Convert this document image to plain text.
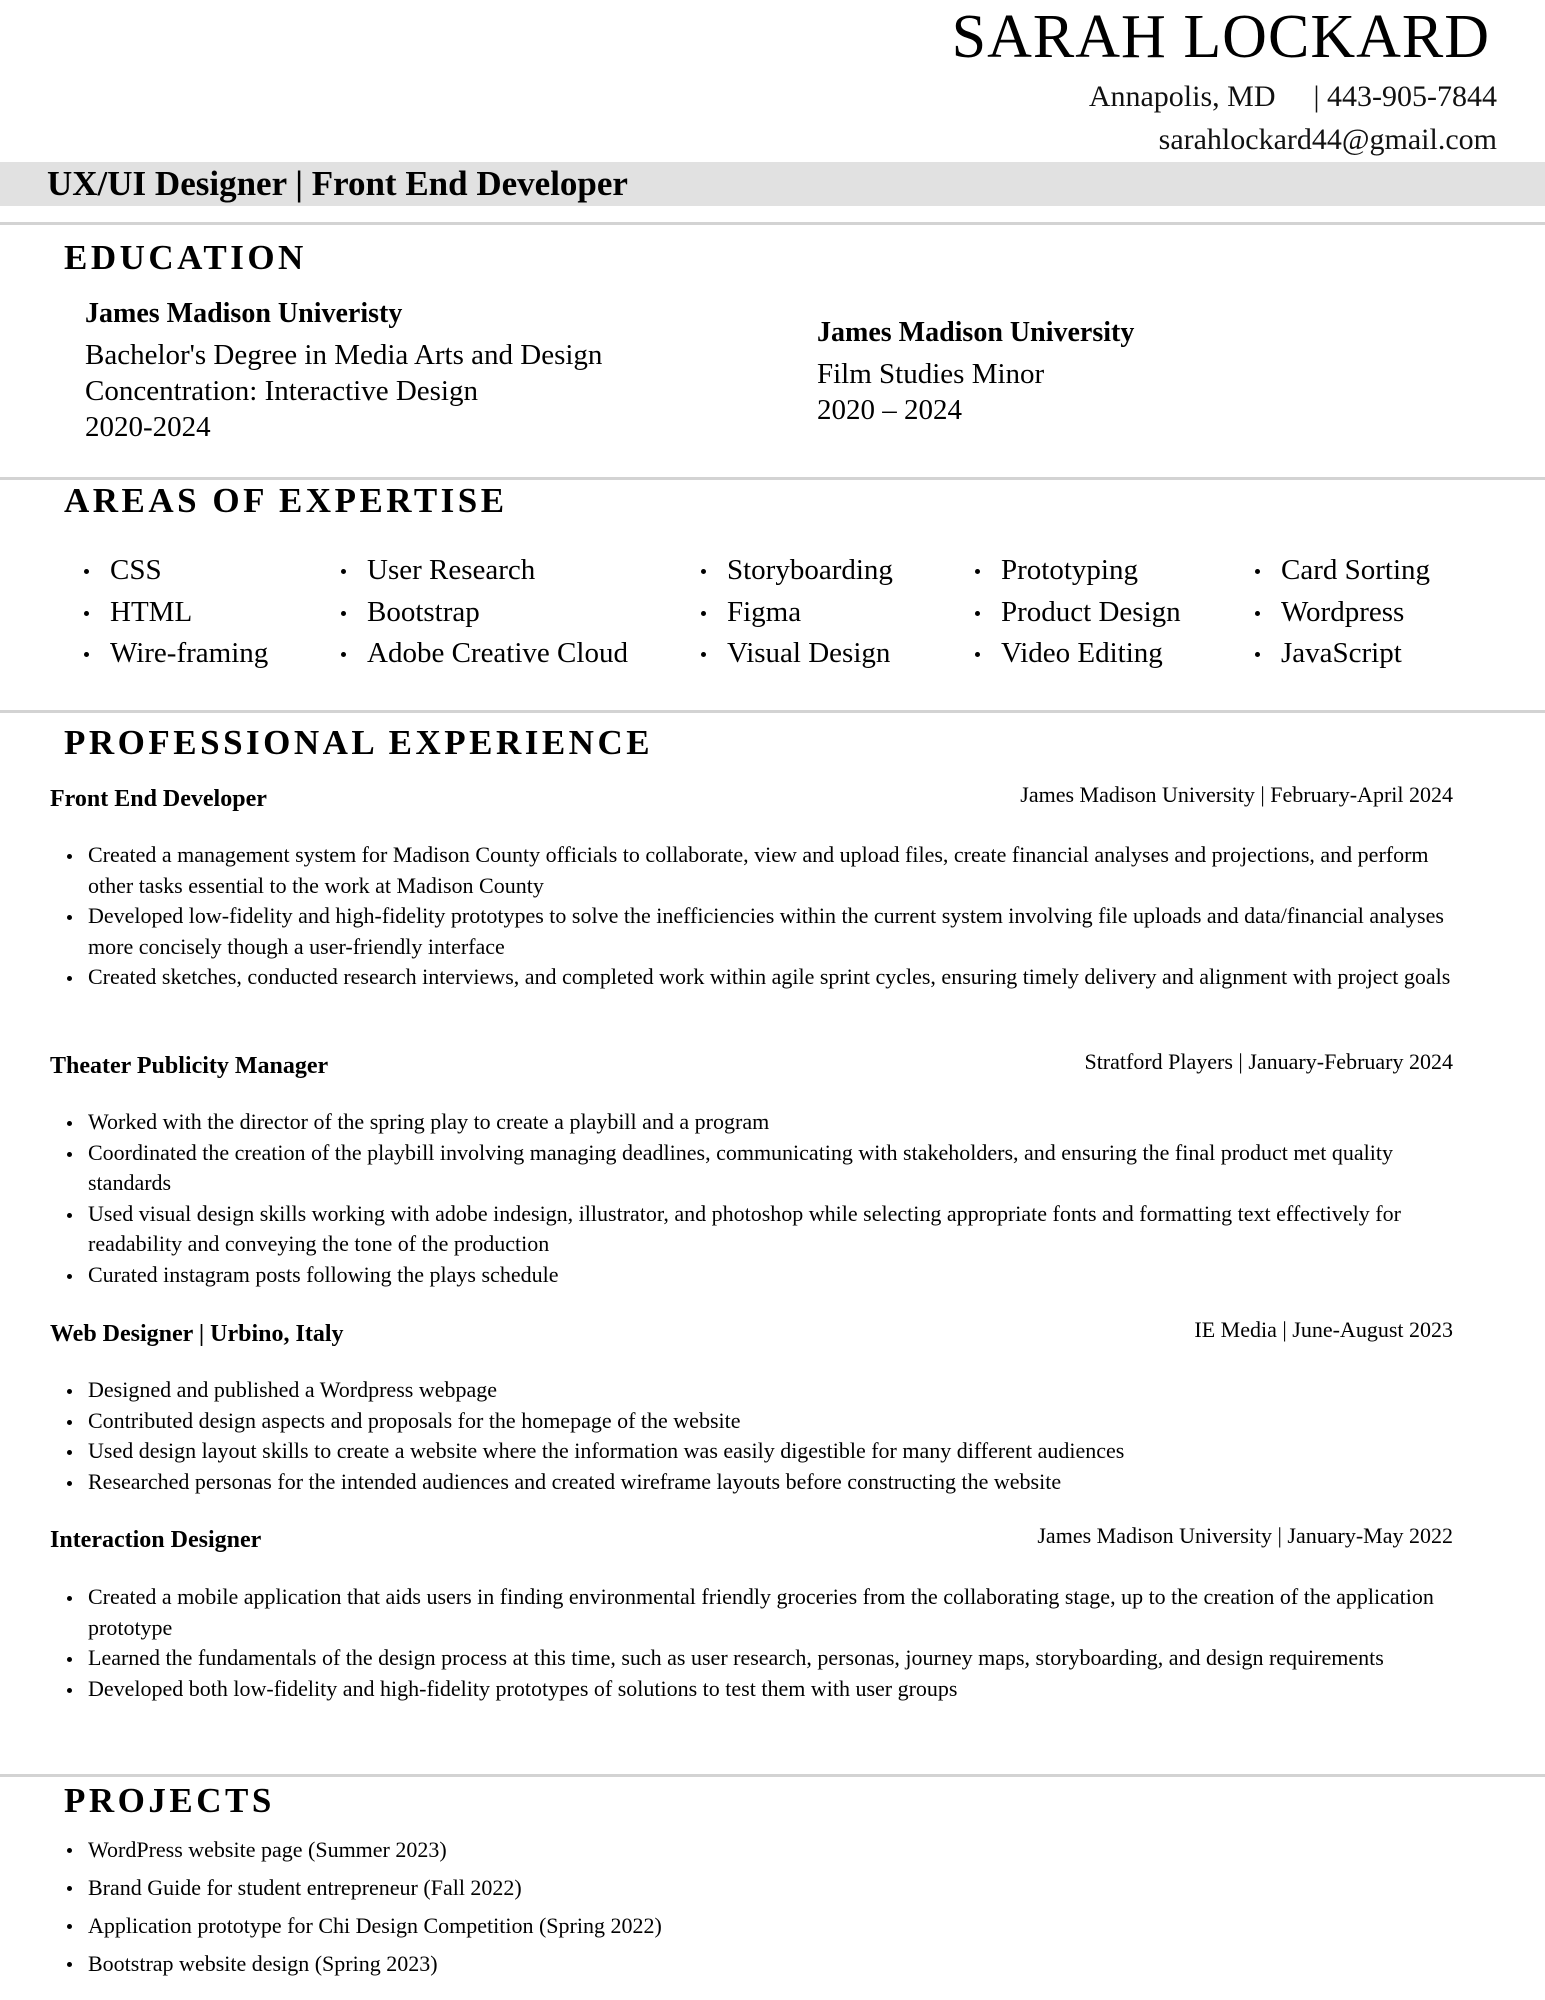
SARAH LOCKARD
Annapolis, MD | 443-905-7844
sarahlockard44@gmail.com
UX/UI Designer | Front End Developer
EDUCATION
James Madison Univeristy
Bachelor's Degree in Media Arts and Design
Concentration: Interactive Design
2020-2024
James Madison University
Film Studies Minor
2020 – 2024
AREAS OF EXPERTISE
CSS
HTML
Wire-framing
User Research
Bootstrap
Adobe Creative Cloud
Storyboarding
Figma
Visual Design
Prototyping
Product Design
Video Editing
Card Sorting
Wordpress
JavaScript
PROFESSIONAL EXPERIENCE
Front End Developer	James Madison University | February-April 2024
Created a management system for Madison County officials to collaborate, view and upload files, create financial analyses and projections, and perform other tasks essential to the work at Madison County
Developed low-fidelity and high-fidelity prototypes to solve the inefficiencies within the current system involving file uploads and data/financial analyses more concisely though a user-friendly interface
Created sketches, conducted research interviews, and completed work within agile sprint cycles, ensuring timely delivery and alignment with project goals
Theater Publicity Manager	Stratford Players | January-February 2024
Worked with the director of the spring play to create a playbill and a program
Coordinated the creation of the playbill involving managing deadlines, communicating with stakeholders, and ensuring the final product met quality standards
Used visual design skills working with adobe indesign, illustrator, and photoshop while selecting appropriate fonts and formatting text effectively for readability and conveying the tone of the production
Curated instagram posts following the plays schedule
Web Designer | Urbino, Italy	IE Media | June-August 2023
Designed and published a Wordpress webpage
Contributed design aspects and proposals for the homepage of the website
Used design layout skills to create a website where the information was easily digestible for many different audiences
Researched personas for the intended audiences and created wireframe layouts before constructing the website
Interaction Designer	James Madison University | January-May 2022
Created a mobile application that aids users in finding environmental friendly groceries from the collaborating stage, up to the creation of the application prototype
Learned the fundamentals of the design process at this time, such as user research, personas, journey maps, storyboarding, and design requirements
Developed both low-fidelity and high-fidelity prototypes of solutions to test them with user groups
PROJECTS
WordPress website page (Summer 2023)
Brand Guide for student entrepreneur (Fall 2022)
Application prototype for Chi Design Competition (Spring 2022)
Bootstrap website design (Spring 2023)
